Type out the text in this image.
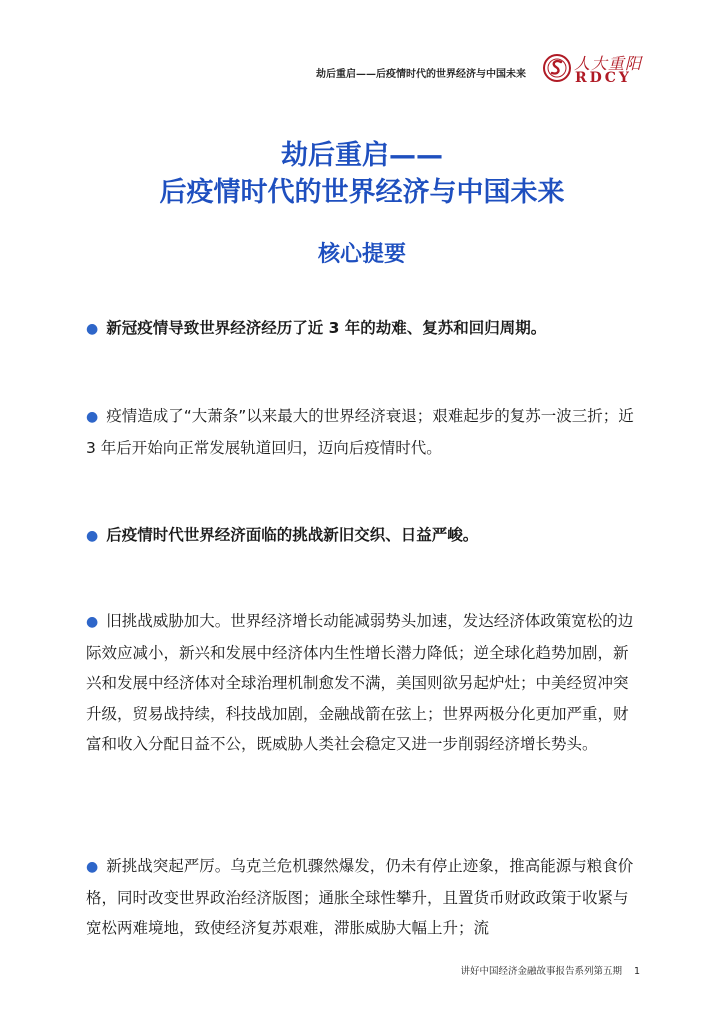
劫后重启——后疫情时代的世界经济与中国未来
人大重阳
RDCY
劫后重启——
后疫情时代的世界经济与中国未来
核心提要
● 新冠疫情导致世界经济经历了近 3 年的劫难、复苏和回归周期。
● 疫情造成了“大萧条”以来最大的世界经济衰退；艰难起步的复苏一波三折；近 3 年后开始向正常发展轨道回归，迈向后疫情时代。
● 后疫情时代世界经济面临的挑战新旧交织、日益严峻。
● 旧挑战威胁加大。世界经济增长动能减弱势头加速，发达经济体政策宽松的边际效应减小，新兴和发展中经济体内生性增长潜力降低；逆全球化趋势加剧，新兴和发展中经济体对全球治理机制愈发不满，美国则欲另起炉灶；中美经贸冲突升级，贸易战持续，科技战加剧，金融战箭在弦上；世界两极分化更加严重，财富和收入分配日益不公，既威胁人类社会稳定又进一步削弱经济增长势头。
● 新挑战突起严厉。乌克兰危机骤然爆发，仍未有停止迹象，推高能源与粮食价格，同时改变世界政治经济版图；通胀全球性攀升，且置货币财政政策于收紧与宽松两难境地，致使经济复苏艰难，滞胀威胁大幅上升；流
讲好中国经济金融故事报告系列第五期 1
